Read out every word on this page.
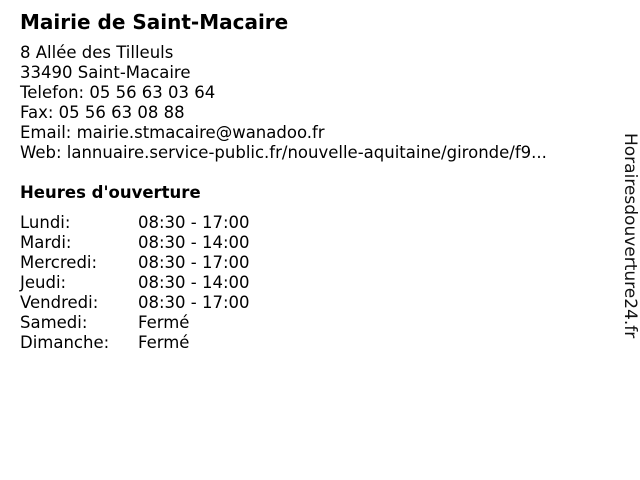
Mairie de Saint-Macaire
8 Allée des Tilleuls
33490 Saint-Macaire
Telefon: 05 56 63 03 64
Fax: 05 56 63 08 88
Email: mairie.stmacaire@wanadoo.fr
Web: lannuaire.service-public.fr/nouvelle-aquitaine/gironde/f9...
Heures d'ouverture
Lundi:	08:30 - 17:00
Mardi:	08:30 - 14:00
Mercredi: 08:30 - 17:00
Jeudi:	08:30 - 14:00
Vendredi: 08:30 - 17:00
Samedi:	Fermé
Dimanche: Fermé
Horairesdouverture24.fr
